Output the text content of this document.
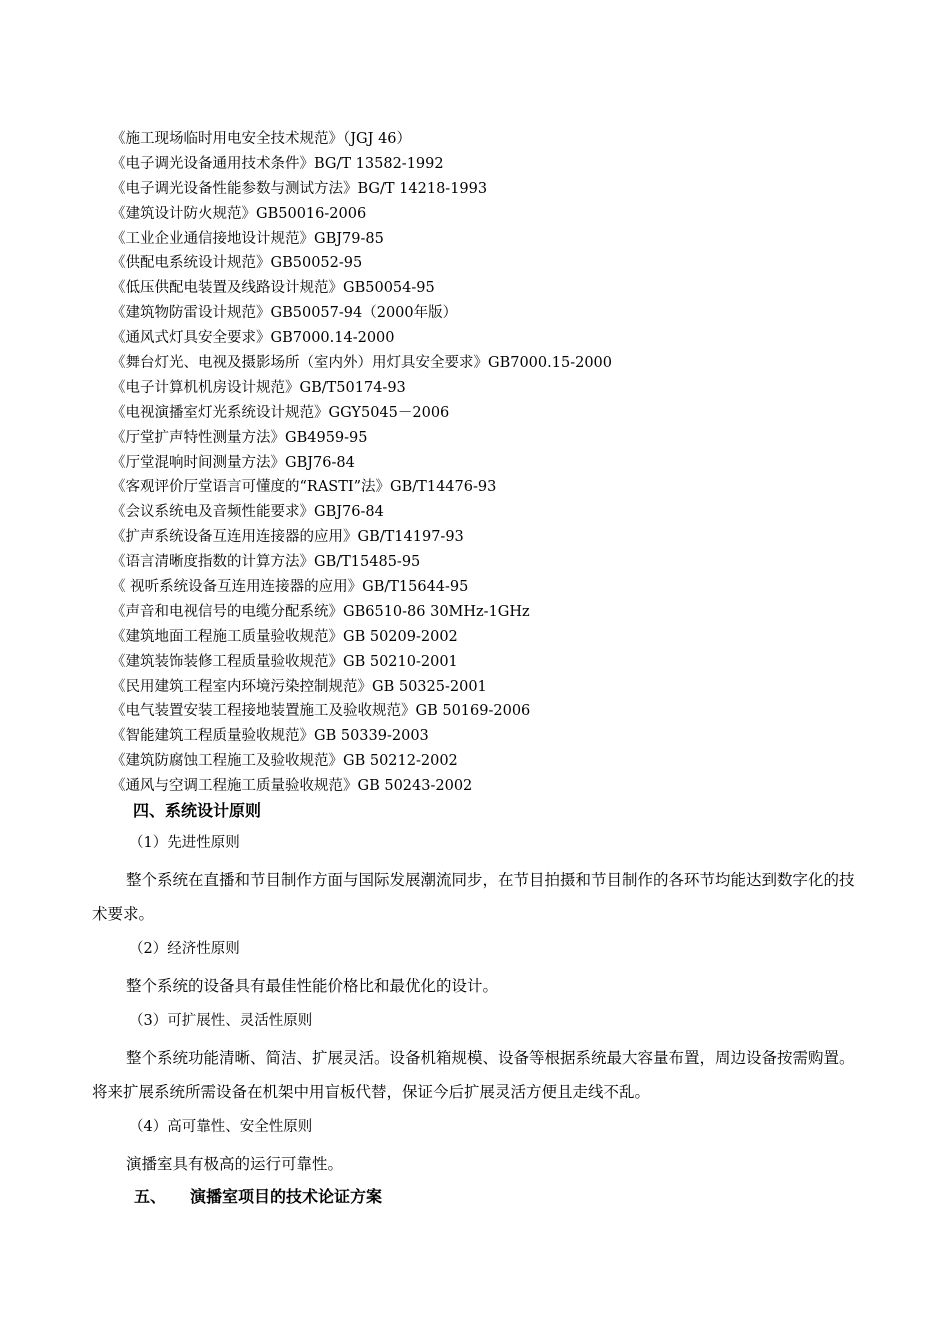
《施工现场临时用电安全技术规范》（JGJ 46）
《电子调光设备通用技术条件》BG/T 13582-1992
《电子调光设备性能参数与测试方法》BG/T 14218-1993
《建筑设计防火规范》GB50016-2006
《工业企业通信接地设计规范》GBJ79-85
《供配电系统设计规范》GB50052-95
《低压供配电装置及线路设计规范》GB50054-95
《建筑物防雷设计规范》GB50057-94（2000年版）
《通风式灯具安全要求》GB7000.14-2000
《舞台灯光、电视及摄影场所（室内外）用灯具安全要求》GB7000.15-2000
《电子计算机机房设计规范》GB/T50174-93
《电视演播室灯光系统设计规范》GGY5045－2006
《厅堂扩声特性测量方法》GB4959-95
《厅堂混响时间测量方法》GBJ76-84
《客观评价厅堂语言可懂度的“RASTI”法》GB/T14476-93
《会议系统电及音频性能要求》GBJ76-84
《扩声系统设备互连用连接器的应用》GB/T14197-93
《语言清晰度指数的计算方法》GB/T15485-95
《 视听系统设备互连用连接器的应用》GB/T15644-95
《声音和电视信号的电缆分配系统》GB6510-86 30MHz-1GHz
《建筑地面工程施工质量验收规范》GB 50209-2002
《建筑装饰装修工程质量验收规范》GB 50210-2001
《民用建筑工程室内环境污染控制规范》GB 50325-2001
《电气装置安装工程接地装置施工及验收规范》GB 50169-2006
《智能建筑工程质量验收规范》GB 50339-2003
《建筑防腐蚀工程施工及验收规范》GB 50212-2002
《通风与空调工程施工质量验收规范》GB 50243-2002
四、系统设计原则
（1）先进性原则

整个系统在直播和节目制作方面与国际发展潮流同步，在节目拍摄和节目制作的各环节均能达到数字化的技术要求。

（2）经济性原则

整个系统的设备具有最佳性能价格比和最优化的设计。

（3）可扩展性、灵活性原则

整个系统功能清晰、简洁、扩展灵活。设备机箱规模、设备等根据系统最大容量布置，周边设备按需购置。将来扩展系统所需设备在机架中用盲板代替，保证今后扩展灵活方便且走线不乱。

（4）高可靠性、安全性原则

演播室具有极高的运行可靠性。

五、 演播室项目的技术论证方案
